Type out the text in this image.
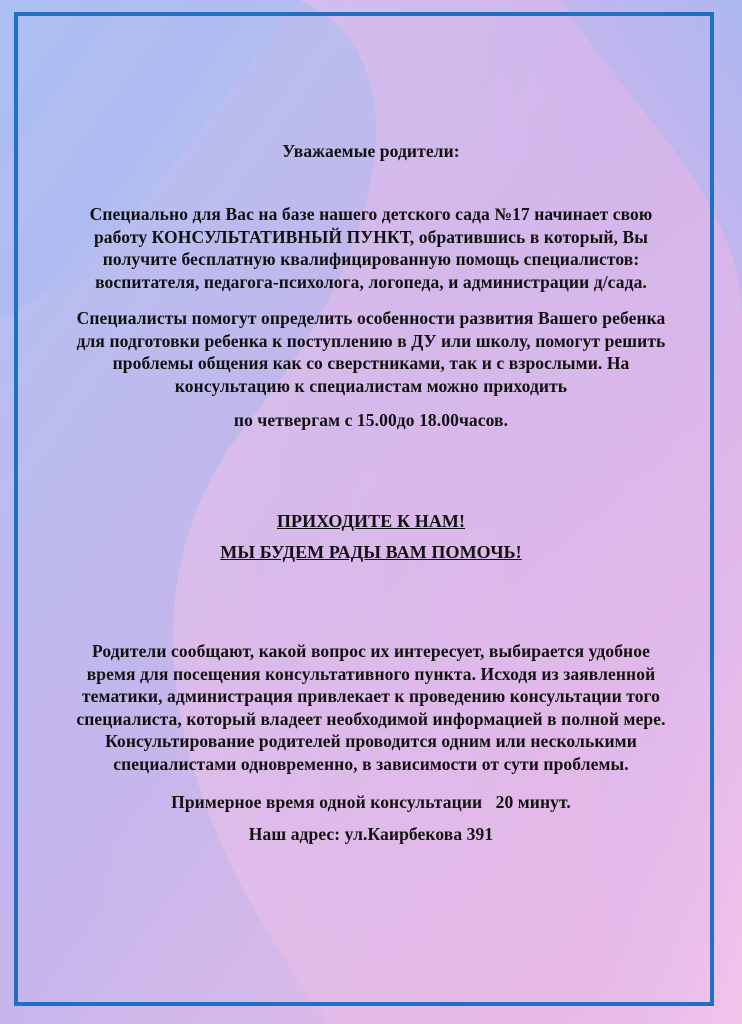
Уважаемые родители:
Специально для Вас на базе нашего детского сада №17 начинает свою
работу КОНСУЛЬТАТИВНЫЙ ПУНКТ, обратившись в который, Вы
получите бесплатную квалифицированную помощь специалистов:
воспитателя, педагога-психолога, логопеда, и администрации д/сада.
Специалисты помогут определить особенности развития Вашего ребенка
для подготовки ребенка к поступлению в ДУ или школу, помогут решить
проблемы общения как со сверстниками, так и с взрослыми. На
консультацию к специалистам можно приходить
по четвергам с 15.00до 18.00часов.
ПРИХОДИТЕ К НАМ!
МЫ БУДЕМ РАДЫ ВАМ ПОМОЧЬ!
Родители сообщают, какой вопрос их интересует, выбирается удобное
время для посещения консультативного пункта. Исходя из заявленной
тематики, администрация привлекает к проведению консультации того
специалиста, который владеет необходимой информацией в полной мере.
Консультирование родителей проводится одним или несколькими
специалистами одновременно, в зависимости от сути проблемы.
Примерное время одной консультации   20 минут.
Наш адрес: ул.Каирбекова 391
